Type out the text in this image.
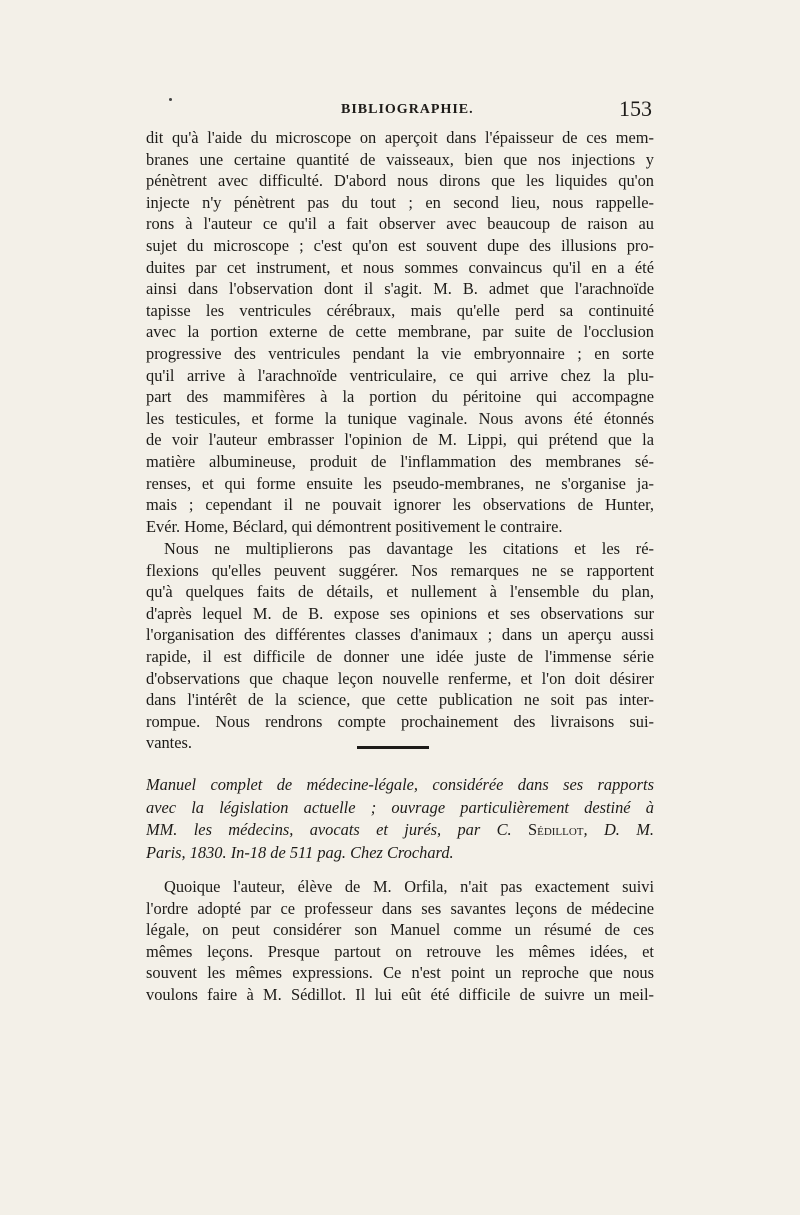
BIBLIOGRAPHIE.	153
dit qu'à l'aide du microscope on aperçoit dans l'épaisseur de ces mem-
branes une certaine quantité de vaisseaux, bien que nos injections y
pénètrent avec difficulté. D'abord nous dirons que les liquides qu'on
injecte n'y pénètrent pas du tout ; en second lieu, nous rappelle-
rons à l'auteur ce qu'il a fait observer avec beaucoup de raison au
sujet du microscope ; c'est qu'on est souvent dupe des illusions pro-
duites par cet instrument, et nous sommes convaincus qu'il en a été
ainsi dans l'observation dont il s'agit. M. B. admet que l'arachnoïde
tapisse les ventricules cérébraux, mais qu'elle perd sa continuité
avec la portion externe de cette membrane, par suite de l'occlusion
progressive des ventricules pendant la vie embryonnaire ; en sorte
qu'il arrive à l'arachnoïde ventriculaire, ce qui arrive chez la plu-
part des mammifères à la portion du péritoine qui accompagne
les testicules, et forme la tunique vaginale. Nous avons été étonnés
de voir l'auteur embrasser l'opinion de M. Lippi, qui prétend que la
matière albumineuse, produit de l'inflammation des membranes sé-
renses, et qui forme ensuite les pseudo-membranes, ne s'organise ja-
mais ; cependant il ne pouvait ignorer les observations de Hunter,
Evér. Home, Béclard, qui démontrent positivement le contraire.
Nous ne multiplierons pas davantage les citations et les ré-
flexions qu'elles peuvent suggérer. Nos remarques ne se rapportent
qu'à quelques faits de détails, et nullement à l'ensemble du plan,
d'après lequel M. de B. expose ses opinions et ses observations sur
l'organisation des différentes classes d'animaux ; dans un aperçu aussi
rapide, il est difficile de donner une idée juste de l'immense série
d'observations que chaque leçon nouvelle renferme, et l'on doit désirer
dans l'intérêt de la science, que cette publication ne soit pas inter-
rompue. Nous rendrons compte prochainement des livraisons sui-
vantes.
Manuel complet de médecine-légale, considérée dans ses rapports
avec la législation actuelle ; ouvrage particulièrement destiné à
MM. les médecins, avocats et jurés, par C. Sédillot, D. M.
Paris, 1830. In-18 de 511 pag. Chez Crochard.
Quoique l'auteur, élève de M. Orfila, n'ait pas exactement suivi
l'ordre adopté par ce professeur dans ses savantes leçons de médecine
légale, on peut considérer son Manuel comme un résumé de ces
mêmes leçons. Presque partout on retrouve les mêmes idées, et
souvent les mêmes expressions. Ce n'est point un reproche que nous
voulons faire à M. Sédillot. Il lui eût été difficile de suivre un meil-
